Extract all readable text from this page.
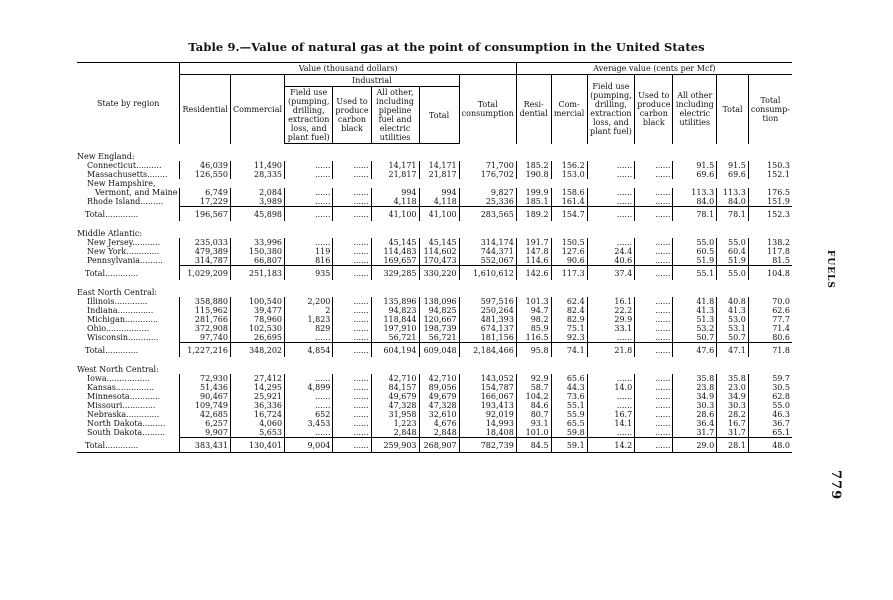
Table 9.—Value of natural gas at the point of consumption in the United States
State by region	Value (thousand dollars)							Average value (cents per Mcf)						
	Residential	Commercial	Industrial				Total consumption	Resi-dential	Com-mercial	Field use (pumping, drilling, extraction loss, and plant fuel)	Used to produce carbon black	All other including electric utilities	Total	Total consump-tion
			Field use (pumping, drilling, extraction loss, and plant fuel)	Used to produce carbon black	All other, including pipeline fuel and electric utilities	Total								
New England:														
Connecticut..........	46,039	11,490	......	......	14,171	14,171	71,700	185.2	156.2	......	......	91.5	91.5	150.3
Massachusetts........	126,550	28,335	......	......	21,817	21,817	176,702	190.8	153.0	......	......	69.6	69.6	152.1
New Hampshire,														
Vermont, and Maine	6,749	2,084	......	......	994	994	9,827	199.9	158.6	......	......	113.3	113.3	176.5
Rhode Island.........	17,229	3,989	......	......	4,118	4,118	25,336	185.1	161.4	......	......	84.0	84.0	151.9
Total.............	196,567	45,898	......	......	41,100	41,100	283,565	189.2	154.7	......	......	78.1	78.1	152.3
Middle Atlantic:														
New Jersey...........	235,033	33,996	......	......	45,145	45,145	314,174	191.7	150.5	......	......	55.0	55.0	138.2
New York.............	479,389	150,380	119	......	114,483	114,602	744,371	147.8	127.6	24.4	......	60.5	60.4	117.8
Pennsylvania.........	314,787	66,807	816	......	169,657	170,473	552,067	114.6	90.6	40.6	......	51.9	51.9	81.5
Total.............	1,029,209	251,183	935	......	329,285	330,220	1,610,612	142.6	117.3	37.4	......	55.1	55.0	104.8
East North Central:														
Illinois.............	358,880	100,540	2,200	......	135,896	138,096	597,516	101.3	62.4	16.1	......	41.8	40.8	70.0
Indiana..............	115,962	39,477	2	......	94,823	94,825	250,264	94.7	82.4	22.2	......	41.3	41.3	62.6
Michigan.............	281,766	78,960	1,823	......	118,844	120,667	481,393	98.2	82.9	29.9	......	51.3	53.0	77.7
Ohio.................	372,908	102,530	829	......	197,910	198,739	674,137	85.9	75.1	33.1	......	53.2	53.1	71.4
Wisconsin............	97,740	26,695	......	......	56,721	56,721	181,156	116.5	92.3	......	......	50.7	50.7	80.6
Total.............	1,227,216	348,202	4,854	......	604,194	609,048	2,184,466	95.8	74.1	21.8	......	47.6	47.1	71.8
West North Central:														
Iowa.................	72,930	27,412	......	......	42,710	42,710	143,052	92.9	65.6	......	......	35.8	35.8	59.7
Kansas...............	51,436	14,295	4,899	......	84,157	89,056	154,787	58.7	44.3	14.0	......	23.8	23.0	30.5
Minnesota............	90,467	25,921	......	......	49,679	49,679	166,067	104.2	73.6	......	......	34.9	34.9	62.8
Missouri.............	109,749	36,336	......	......	47,328	47,328	193,413	84.6	55.1	......	......	30.3	30.3	55.0
Nebraska.............	42,685	16,724	652	......	31,958	32,610	92,019	80.7	55.9	16.7	......	28.6	28.2	46.3
North Dakota.........	6,257	4,060	3,453	......	1,223	4,676	14,993	93.1	65.5	14.1	......	36.4	16.7	36.7
South Dakota.........	9,907	5,653	......	......	2,848	2,848	18,408	101.0	59.8	......	......	31.7	31.7	65.1
Total.............	383,431	130,401	9,004	......	259,903	268,907	782,739	84.5	59.1	14.2	......	29.0	28.1	48.0
FUELS
779
